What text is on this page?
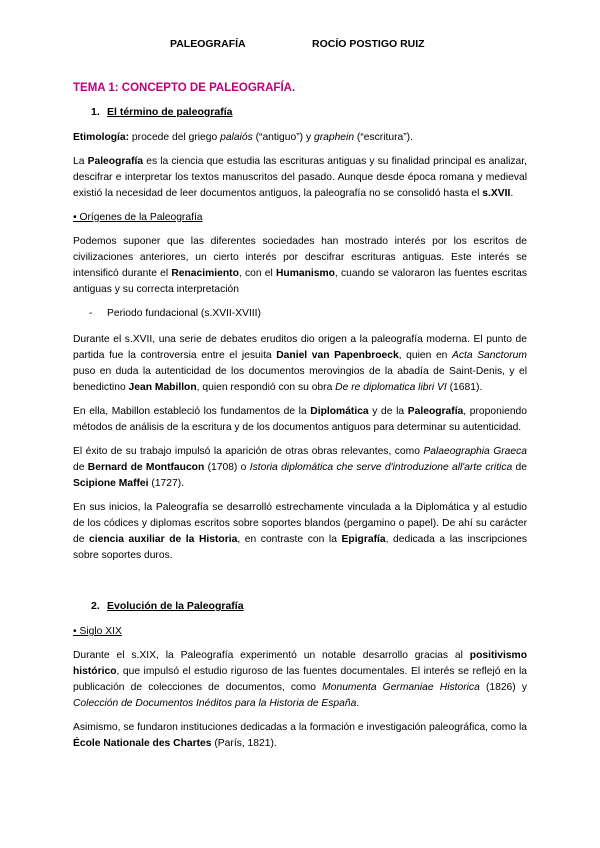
PALEOGRAFÍA	ROCÍO POSTIGO RUIZ
TEMA 1: CONCEPTO DE PALEOGRAFÍA.
1. El término de paleografía

Etimología: procede del griego palaiós (“antiguo”) y graphein (“escritura”).

La Paleografía es la ciencia que estudia las escrituras antiguas y su finalidad principal es analizar, descifrar e interpretar los textos manuscritos del pasado. Aunque desde época romana y medieval existió la necesidad de leer documentos antiguos, la paleografía no se consolidó hasta el s.XVII.

• Orígenes de la Paleografía

Podemos suponer que las diferentes sociedades han mostrado interés por los escritos de civilizaciones anteriores, un cierto interés por descifrar escrituras antiguas. Este interés se intensificó durante el Renacimiento, con el Humanismo, cuando se valoraron las fuentes escritas antiguas y su correcta interpretación

- Periodo fundacional (s.XVII-XVIII)

Durante el s.XVII, una serie de debates eruditos dio origen a la paleografía moderna. El punto de partida fue la controversia entre el jesuita Daniel van Papenbroeck, quien en Acta Sanctorum puso en duda la autenticidad de los documentos merovingios de la abadía de Saint-Denis, y el benedictino Jean Mabillon, quien respondió con su obra De re diplomatica libri VI (1681).

En ella, Mabillon estableció los fundamentos de la Diplomática y de la Paleografía, proponiendo métodos de análisis de la escritura y de los documentos antiguos para determinar su autenticidad.

El éxito de su trabajo impulsó la aparición de otras obras relevantes, como Palaeographia Graeca de Bernard de Montfaucon (1708) o Istoria diplomática che serve d'introduzione all'arte critica de Scipione Maffei (1727).

En sus inicios, la Paleografía se desarrolló estrechamente vinculada a la Diplomática y al estudio de los códices y diplomas escritos sobre soportes blandos (pergamino o papel). De ahí su carácter de ciencia auxiliar de la Historia, en contraste con la Epigrafía, dedicada a las inscripciones sobre soportes duros.

2. Evolución de la Paleografía
• Siglo XIX

Durante el s.XIX, la Paleografía experimentó un notable desarrollo gracias al positivismo histórico, que impulsó el estudio riguroso de las fuentes documentales. El interés se reflejó en la publicación de colecciones de documentos, como Monumenta Germaniae Historica (1826) y Colección de Documentos Inéditos para la Historia de España.

Asimismo, se fundaron instituciones dedicadas a la formación e investigación paleográfica, como la École Nationale des Chartes (París, 1821).
